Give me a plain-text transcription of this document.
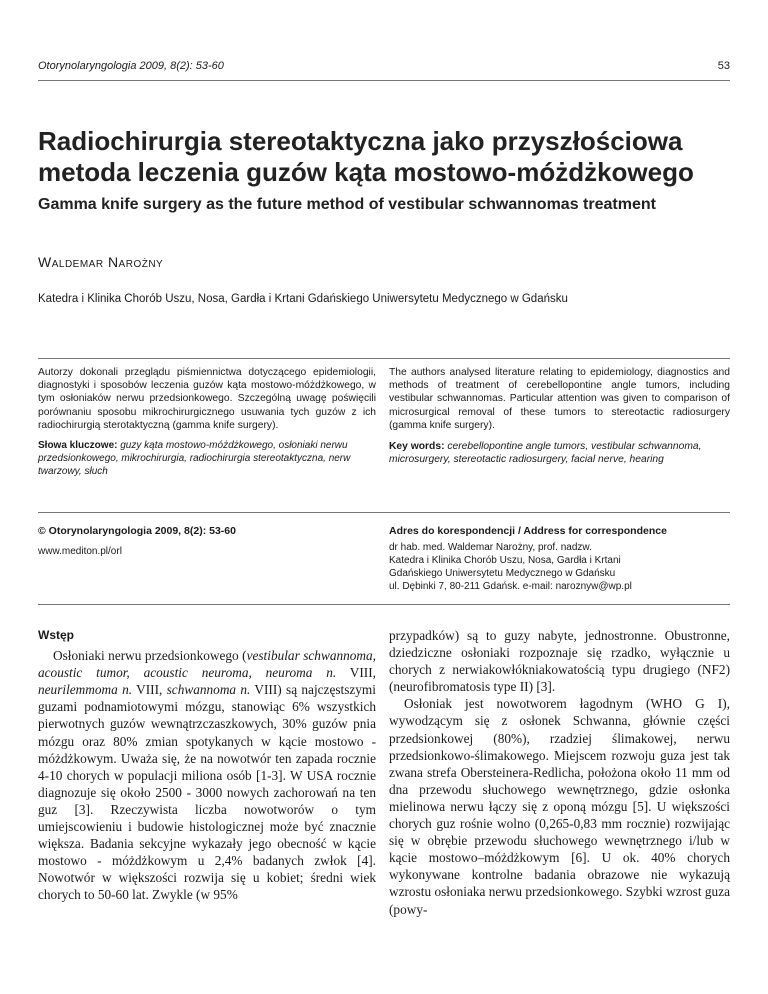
Otorynolaryngologia 2009, 8(2): 53-60	53
Radiochirurgia stereotaktyczna jako przyszłościowa metoda leczenia guzów kąta mostowo-móżdżkowego
Gamma knife surgery as the future method of vestibular schwannomas treatment
Waldemar Narożny
Katedra i Klinika Chorób Uszu, Nosa, Gardła i Krtani Gdańskiego Uniwersytetu Medycznego w Gdańsku

Autorzy dokonali przeglądu piśmiennictwa dotyczącego epidemiologii, diagnostyki i sposobów leczenia guzów kąta mostowo-móżdżkowego, w tym osłoniaków nerwu przedsionkowego. Szczególną uwagę poświęcili porównaniu sposobu mikrochirurgicznego usuwania tych guzów z ich radiochirurgią sterotaktyczną (gamma knife surgery).

Słowa kluczowe: guzy kąta mostowo-móżdżkowego, osłoniaki nerwu przedsionkowego, mikrochirurgia, radiochirurgia stereotaktyczna, nerw twarzowy, słuch

The authors analysed literature relating to epidemiology, diagnostics and methods of treatment of cerebellopontine angle tumors, including vestibular schwannomas. Particular attention was given to comparison of microsurgical removal of these tumors to stereotactic radiosurgery (gamma knife surgery).

Key words: cerebellopontine angle tumors, vestibular schwannoma, microsurgery, stereotactic radiosurgery, facial nerve, hearing

© Otorynolaryngologia 2009, 8(2): 53-60
www.mediton.pl/orl
Adres do korespondencji / Address for correspondence
dr hab. med. Waldemar Narożny, prof. nadzw.
Katedra i Klinika Chorób Uszu, Nosa, Gardła i Krtani
Gdańskiego Uniwersytetu Medycznego w Gdańsku
ul. Dębinki 7, 80-211 Gdańsk. e-mail: naroznyw@wp.pl
Wstęp

Osłoniaki nerwu przedsionkowego (vestibular schwannoma, acoustic tumor, acoustic neuroma, neuroma n. VIII, neurilemmoma n. VIII, schwannoma n. VIII) są najczęstszymi guzami podnamiotowymi mózgu, stanowiąc 6% wszystkich pierwotnych guzów wewnątrzczaszkowych, 30% guzów pnia mózgu oraz 80% zmian spotykanych w kącie mostowo - móżdżkowym. Uważa się, że na nowotwór ten zapada rocznie 4-10 chorych w populacji miliona osób [1-3]. W USA rocznie diagnozuje się około 2500 - 3000 nowych zachorowań na ten guz [3]. Rzeczywista liczba nowotworów o tym umiejscowieniu i budowie histologicznej może być znacznie większa. Badania sekcyjne wykazały jego obecność w kącie mostowo - móżdżkowym u 2,4% badanych zwłok [4]. Nowotwór w większości rozwija się u kobiet; średni wiek chorych to 50-60 lat. Zwykle (w 95%

przypadków) są to guzy nabyte, jednostronne. Obustronne, dziedziczne osłoniaki rozpoznaje się rzadko, wyłącznie u chorych z nerwiakowłókniakowatością typu drugiego (NF2) (neurofibromatosis type II) [3].

Osłoniak jest nowotworem łagodnym (WHO G I), wywodzącym się z osłonek Schwanna, głównie części przedsionkowej (80%), rzadziej ślimakowej, nerwu przedsionkowo-ślimakowego. Miejscem rozwoju guza jest tak zwana strefa Obersteinera-Redlicha, położona około 11 mm od dna przewodu słuchowego wewnętrznego, gdzie osłonka mielinowa nerwu łączy się z oponą mózgu [5]. U większości chorych guz rośnie wolno (0,265-0,83 mm rocznie) rozwijając się w obrębie przewodu słuchowego wewnętrznego i/lub w kącie mostowo–móżdżkowym [6]. U ok. 40% chorych wykonywane kontrolne badania obrazowe nie wykazują wzrostu osłoniaka nerwu przedsionkowego. Szybki wzrost guza (powy-
